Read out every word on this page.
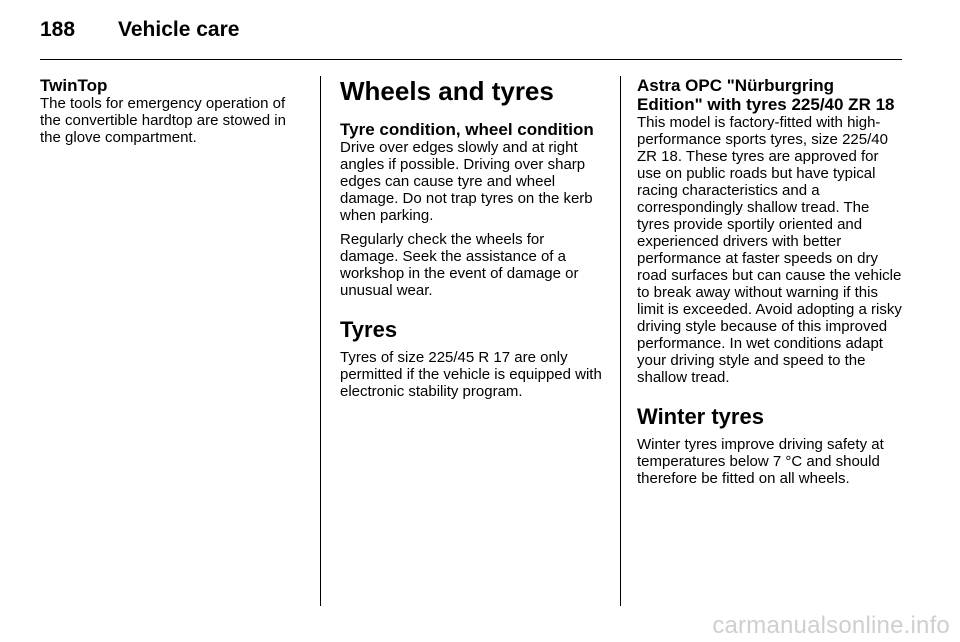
188	Vehicle care
TwinTop

The tools for emergency operation of the convertible hardtop are stowed in the glove compartment.

Wheels and tyres
Tyre condition, wheel condition

Drive over edges slowly and at right angles if possible. Driving over sharp edges can cause tyre and wheel damage. Do not trap tyres on the kerb when parking.

Regularly check the wheels for damage. Seek the assistance of a workshop in the event of damage or unusual wear.

Tyres

Tyres of size 225/45 R 17 are only permitted if the vehicle is equipped with electronic stability program.

Astra OPC "Nürburgring Edition" with tyres 225/40 ZR 18

This model is factory-fitted with high-performance sports tyres, size 225/40 ZR 18. These tyres are approved for use on public roads but have typical racing characteristics and a correspondingly shallow tread. The tyres provide sportily oriented and experienced drivers with better performance at faster speeds on dry road surfaces but can cause the vehicle to break away without warning if this limit is exceeded. Avoid adopting a risky driving style because of this improved performance. In wet conditions adapt your driving style and speed to the shallow tread.

Winter tyres

Winter tyres improve driving safety at temperatures below 7 °C and should therefore be fitted on all wheels.

carmanualsonline.info
